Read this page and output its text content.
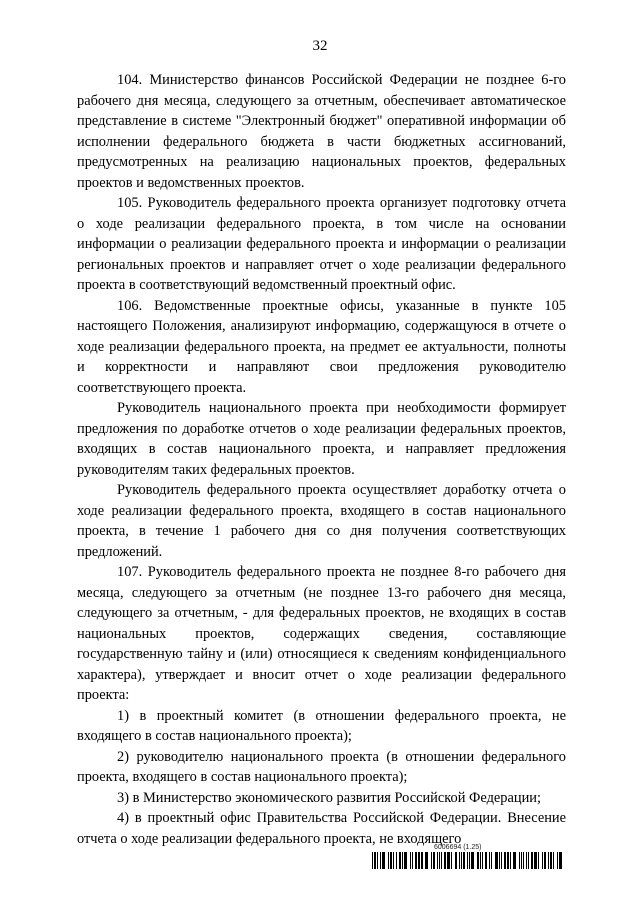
32

104. Министерство финансов Российской Федерации не позднее 6-го рабочего дня месяца, следующего за отчетным, обеспечивает автоматическое представление в системе "Электронный бюджет" оперативной информации об исполнении федерального бюджета в части бюджетных ассигнований, предусмотренных на реализацию национальных проектов, федеральных проектов и ведомственных проектов.

105. Руководитель федерального проекта организует подготовку отчета о ходе реализации федерального проекта, в том числе на основании информации о реализации федерального проекта и информации о реализации региональных проектов и направляет отчет о ходе реализации федерального проекта в соответствующий ведомственный проектный офис.

106. Ведомственные проектные офисы, указанные в пункте 105 настоящего Положения, анализируют информацию, содержащуюся в отчете о ходе реализации федерального проекта, на предмет ее актуальности, полноты и корректности и направляют свои предложения руководителю соответствующего проекта.

Руководитель национального проекта при необходимости формирует предложения по доработке отчетов о ходе реализации федеральных проектов, входящих в состав национального проекта, и направляет предложения руководителям таких федеральных проектов.

Руководитель федерального проекта осуществляет доработку отчета о ходе реализации федерального проекта, входящего в состав национального проекта, в течение 1 рабочего дня со дня получения соответствующих предложений.

107. Руководитель федерального проекта не позднее 8-го рабочего дня месяца, следующего за отчетным (не позднее 13-го рабочего дня месяца, следующего за отчетным, - для федеральных проектов, не входящих в состав национальных проектов, содержащих сведения, составляющие государственную тайну и (или) относящиеся к сведениям конфиденциального характера), утверждает и вносит отчет о ходе реализации федерального проекта:

1) в проектный комитет (в отношении федерального проекта, не входящего в состав национального проекта);

2) руководителю национального проекта (в отношении федерального проекта, входящего в состав национального проекта);

3) в Министерство экономического развития Российской Федерации;

4) в проектный офис Правительства Российской Федерации. Внесение отчета о ходе реализации федерального проекта, не входящего

6006694 (1.25)
